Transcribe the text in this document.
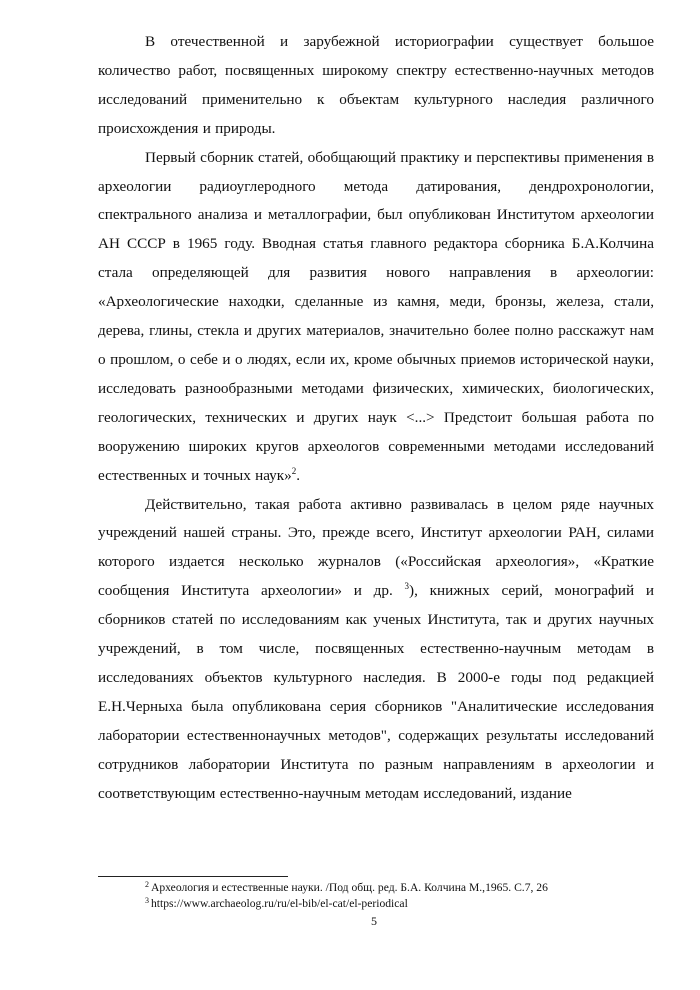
В отечественной и зарубежной историографии существует большое количество работ, посвященных широкому спектру естественно-научных методов исследований применительно к объектам культурного наследия различного происхождения и природы.

Первый сборник статей, обобщающий практику и перспективы применения в археологии радиоуглеродного метода датирования, дендрохронологии, спектрального анализа и металлографии, был опубликован Институтом археологии АН СССР в 1965 году. Вводная статья главного редактора сборника Б.А.Колчина стала определяющей для развития нового направления в археологии: «Археологические находки, сделанные из камня, меди, бронзы, железа, стали, дерева, глины, стекла и других материалов, значительно более полно расскажут нам о прошлом, о себе и о людях, если их, кроме обычных приемов исторической науки, исследовать разнообразными методами физических, химических, биологических, геологических, технических и других наук <...> Предстоит большая работа по вооружению широких кругов археологов современными методами исследований естественных и точных наук»$^2$.

Действительно, такая работа активно развивалась в целом ряде научных учреждений нашей страны. Это, прежде всего, Институт археологии РАН, силами которого издается несколько журналов («Российская археология», «Краткие сообщения Института археологии» и др. $^3$), книжных серий, монографий и сборников статей по исследованиям как ученых Института, так и других научных учреждений, в том числе, посвященных естественно-научным методам в исследованиях объектов культурного наследия. В 2000-е годы под редакцией Е.Н.Черныха была опубликована серия сборников "Аналитические исследования лаборатории естественнонаучных методов", содержащих результаты исследований сотрудников лаборатории Института по разным направлениям в археологии и соответствующим естественно-научным методам исследований, издание

$^2$ Археология и естественные науки. /Под общ. ред. Б.А. Колчина М.,1965. С.7, 26
$^3$ https://www.archaeolog.ru/ru/el-bib/el-cat/el-periodical
5
